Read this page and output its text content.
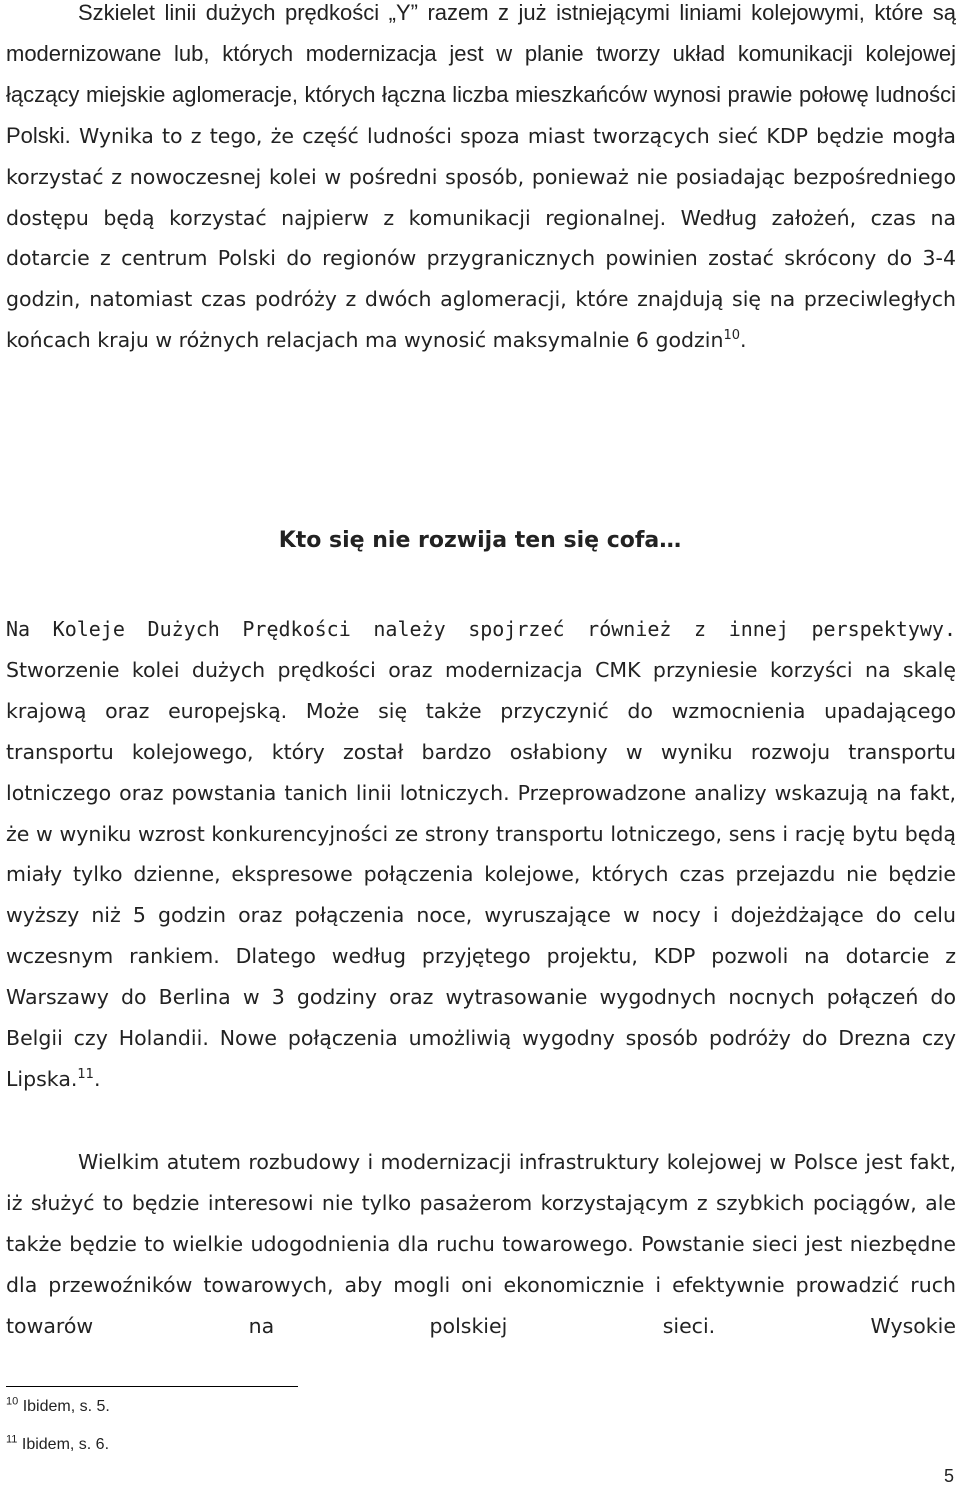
Szkielet linii dużych prędkości „Y” razem z już istniejącymi liniami kolejowymi, które są modernizowane lub, których modernizacja jest w planie tworzy układ komunikacji kolejowej łączący miejskie aglomeracje, których łączna liczba mieszkańców wynosi prawie połowę ludności Polski. Wynika to z tego, że część ludności spoza miast tworzących sieć KDP będzie mogła korzystać z nowoczesnej kolei w pośredni sposób, ponieważ nie posiadając bezpośredniego dostępu będą korzystać najpierw z komunikacji regionalnej. Według założeń, czas na dotarcie z centrum Polski do regionów przygranicznych powinien zostać skrócony do 3-4 godzin, natomiast czas podróży z dwóch aglomeracji, które znajdują się na przeciwległych końcach kraju w różnych relacjach ma wynosić maksymalnie 6 godzin$^{10}$.
Kto się nie rozwija ten się cofa…
Na Koleje Dużych Prędkości należy spojrzeć również z innej perspektywy. Stworzenie kolei dużych prędkości oraz modernizacja CMK przyniesie korzyści na skalę krajową oraz europejską. Może się także przyczynić do wzmocnienia upadającego transportu kolejowego, który został bardzo osłabiony w wyniku rozwoju transportu lotniczego oraz powstania tanich linii lotniczych. Przeprowadzone analizy wskazują na fakt, że w wyniku wzrost konkurencyjności ze strony transportu lotniczego, sens i rację bytu będą miały tylko dzienne, ekspresowe połączenia kolejowe, których czas przejazdu nie będzie wyższy niż 5 godzin oraz połączenia noce, wyruszające w nocy i dojeżdżające do celu wczesnym rankiem. Dlatego według przyjętego projektu, KDP pozwoli na dotarcie z Warszawy do Berlina w 3 godziny oraz wytrasowanie wygodnych nocnych połączeń do Belgii czy Holandii. Nowe połączenia umożliwią wygodny sposób podróży do Drezna czy Lipska.$^{11}$.
Wielkim atutem rozbudowy i modernizacji infrastruktury kolejowej w Polsce jest fakt, iż służyć to będzie interesowi nie tylko pasażerom korzystającym z szybkich pociągów, ale także będzie to wielkie udogodnienia dla ruchu towarowego. Powstanie sieci jest niezbędne dla przewoźników towarowych, aby mogli oni ekonomicznie i efektywnie prowadzić ruch towarów na polskiej sieci. Wysokie
$^{10}$ Ibidem, s. 5.
$^{11}$ Ibidem, s. 6.
5
